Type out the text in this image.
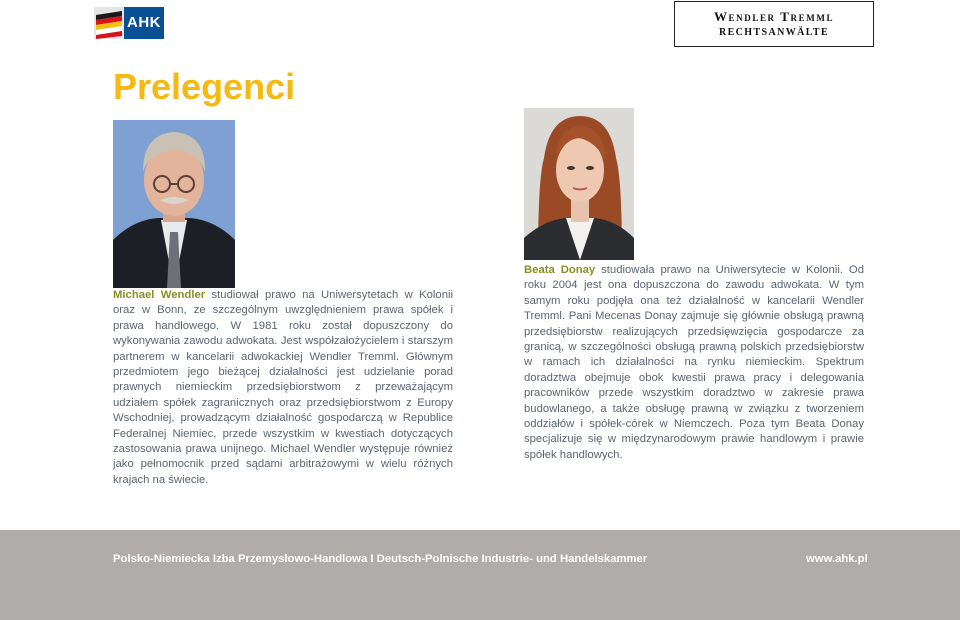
AHK	Wendler Tremml
RECHTSANWÄLTE
Prelegenci

Michael Wendler studiował prawo na Uniwersytetach w Kolonii oraz w Bonn, ze szczególnym uwzględnieniem prawa spółek i prawa handlowego. W 1981 roku został dopuszczony do wykonywania zawodu adwokata. Jest współzałożycielem i starszym partnerem w kancelarii adwokackiej Wendler Tremml. Głównym przedmiotem jego bieżącej działalności jest udzielanie porad prawnych niemieckim przedsiębiorstwom z przeważającym udziałem spółek zagranicznych oraz przedsiębiorstwom z Europy Wschodniej, prowadzącym działalność gospodarczą w Republice Federalnej Niemiec, przede wszystkim w kwestiach dotyczących zastosowania prawa unijnego. Michael Wendler występuje również jako pełnomocnik przed sądami arbitrażowymi w wielu różnych krajach na świecie.

Beata Donay studiowała prawo na Uniwersytecie w Kolonii. Od roku 2004 jest ona dopuszczona do zawodu adwokata. W tym samym roku podjęła ona też działalność w kancelarii Wendler Tremml. Pani Mecenas Donay zajmuje się głównie obsługą prawną przedsiębiorstw realizujących przedsięwzięcia gospodarcze za granicą, w szczególności obsługą prawną polskich przedsiębiorstw w ramach ich działalności na rynku niemieckim. Spektrum doradztwa obejmuje obok kwestii prawa pracy i delegowania pracowników przede wszystkim doradztwo w zakresie prawa budowlanego, a także obsługę prawną w związku z tworzeniem oddziałów i spółek-córek w Niemczech. Poza tym Beata Donay specjalizuje się w międzynarodowym prawie handlowym i prawie spółek handlowych.

Polsko-Niemiecka Izba Przemysłowo-Handlowa I Deutsch-Polnische Industrie- und Handelskammer	www.ahk.pl
